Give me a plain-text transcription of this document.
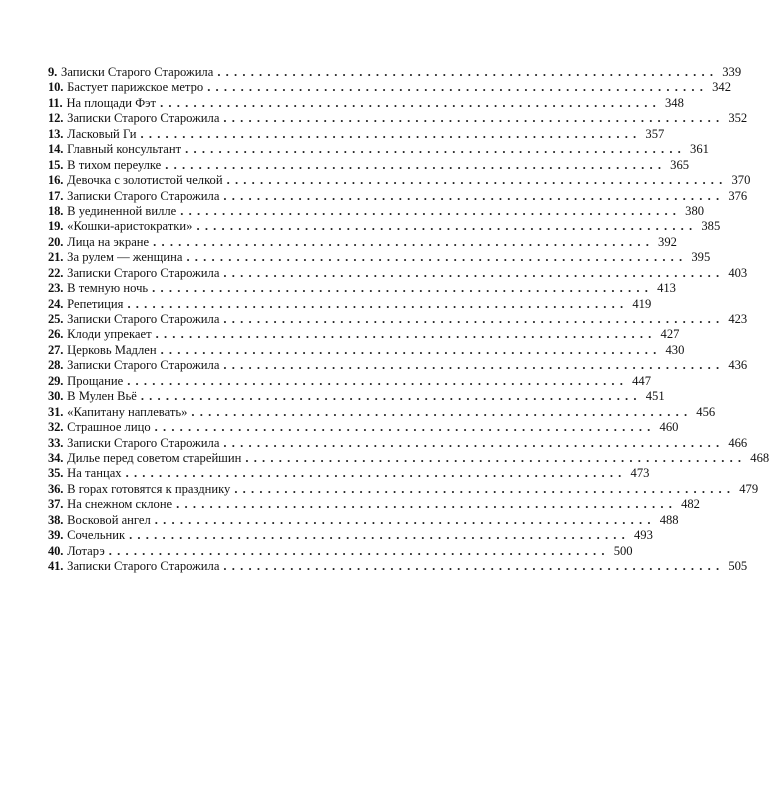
9. Записки Старого Старожила ............................................................ 339
10. Бастует парижское метро ............................................................ 342
11. На площади Фэт ............................................................ 348
12. Записки Старого Старожила ............................................................ 352
13. Ласковый Ги ............................................................ 357
14. Главный консультант ............................................................ 361
15. В тихом переулке ............................................................ 365
16. Девочка с золотистой челкой ............................................................ 370
17. Записки Старого Старожила ............................................................ 376
18. В уединенной вилле ............................................................ 380
19. «Кошки-аристократки» ............................................................ 385
20. Лица на экране ............................................................ 392
21. За рулем — женщина ............................................................ 395
22. Записки Старого Старожила ............................................................ 403
23. В темную ночь ............................................................ 413
24. Репетиция ............................................................ 419
25. Записки Старого Старожила ............................................................ 423
26. Клоди упрекает ............................................................ 427
27. Церковь Мадлен ............................................................ 430
28. Записки Старого Старожила ............................................................ 436
29. Прощание ............................................................ 447
30. В Мулен Вьё ............................................................ 451
31. «Капитану наплевать» ............................................................ 456
32. Страшное лицо ............................................................ 460
33. Записки Старого Старожила ............................................................ 466
34. Дилье перед советом старейшин ............................................................ 468
35. На танцах ............................................................ 473
36. В горах готовятся к празднику ............................................................ 479
37. На снежном склоне ............................................................ 482
38. Восковой ангел ............................................................ 488
39. Сочельник ............................................................ 493
40. Лотарэ ............................................................ 500
41. Записки Старого Старожила ............................................................ 505
